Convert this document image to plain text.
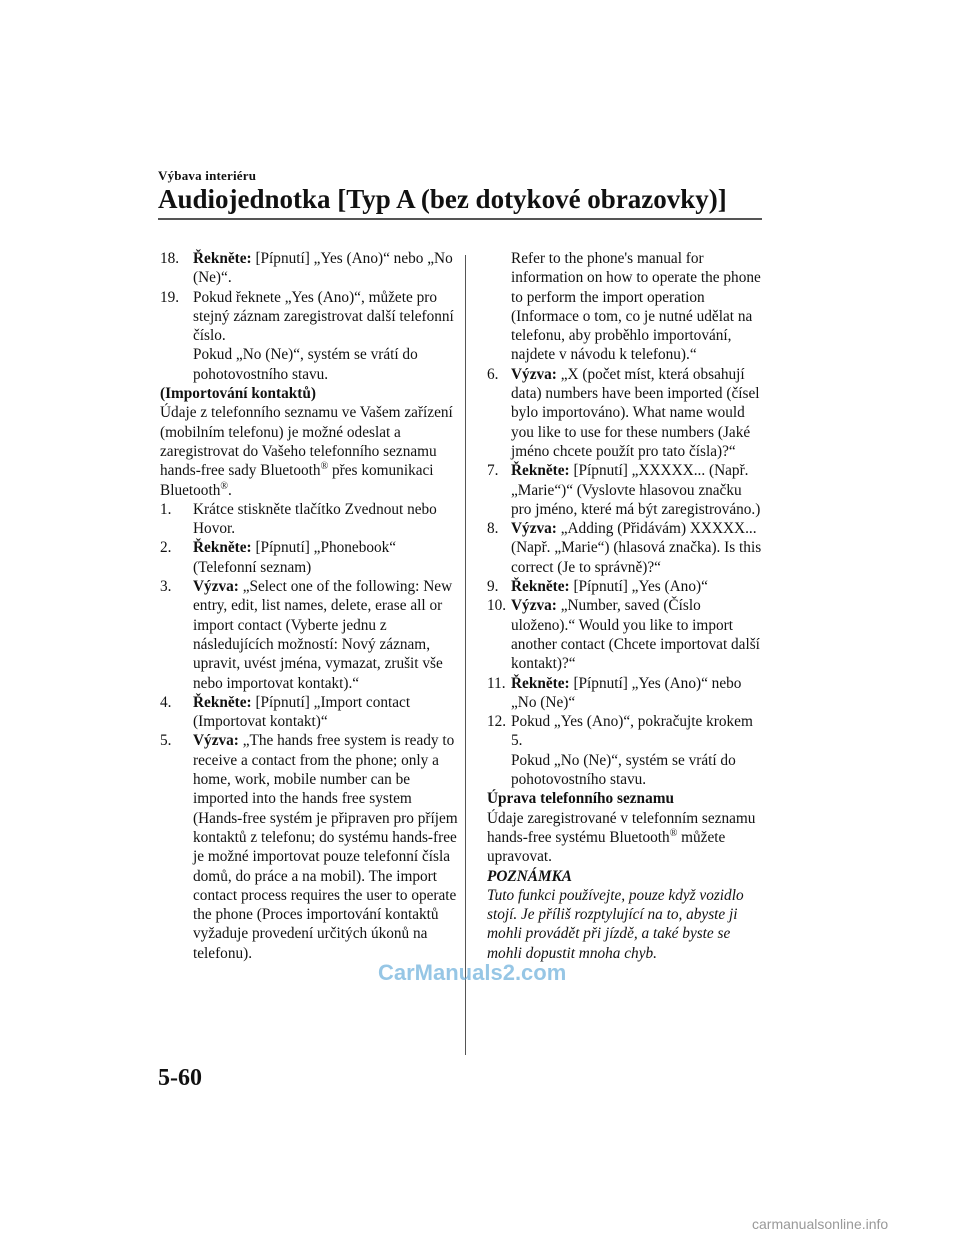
Výbava interiéru
Audiojednotka [Typ A (bez dotykové obrazovky)]
18. Řekněte: [Pípnutí] „Yes (Ano)“ nebo „No (Ne)“.
19. Pokud řeknete „Yes (Ano)“, můžete pro stejný záznam zaregistrovat další telefonní číslo.

Pokud „No (Ne)“, systém se vrátí do pohotovostního stavu.

(Importování kontaktů)

Údaje z telefonního seznamu ve Vašem zařízení (mobilním telefonu) je možné odeslat a zaregistrovat do Vašeho telefonního seznamu hands-free sady Bluetooth® přes komunikaci Bluetooth®.

1. Krátce stiskněte tlačítko Zvednout nebo Hovor.
2. Řekněte: [Pípnutí] „Phonebook“ (Telefonní seznam)
3. Výzva: „Select one of the following: New entry, edit, list names, delete, erase all or import contact (Vyberte jednu z následujících možností: Nový záznam, upravit, uvést jména, vymazat, zrušit vše nebo importovat kontakt).“
4. Řekněte: [Pípnutí] „Import contact (Importovat kontakt)“
5. Výzva: „The hands free system is ready to receive a contact from the phone; only a home, work, mobile number can be imported into the hands free system (Hands-free systém je připraven pro příjem kontaktů z telefonu; do systému hands-free je možné importovat pouze telefonní čísla domů, do práce a na mobil). The import contact process requires the user to operate the phone (Proces importování kontaktů vyžaduje provedení určitých úkonů na telefonu).

Refer to the phone's manual for information on how to operate the phone to perform the import operation (Informace o tom, co je nutné udělat na telefonu, aby proběhlo importování, najdete v návodu k telefonu).“

6. Výzva: „X (počet míst, která obsahují data) numbers have been imported (čísel bylo importováno). What name would you like to use for these numbers (Jaké jméno chcete použít pro tato čísla)?“
7. Řekněte: [Pípnutí] „XXXXX... (Např. „Marie“)“ (Vyslovte hlasovou značku pro jméno, které má být zaregistrováno.)
8. Výzva: „Adding (Přidávám) XXXXX... (Např. „Marie“) (hlasová značka). Is this correct (Je to správně)?“
9. Řekněte: [Pípnutí] „Yes (Ano)“
10. Výzva: „Number, saved (Číslo uloženo).“ Would you like to import another contact (Chcete importovat další kontakt)?“
11. Řekněte: [Pípnutí] „Yes (Ano)“ nebo „No (Ne)“
12. Pokud „Yes (Ano)“, pokračujte krokem 5.

Pokud „No (Ne)“, systém se vrátí do pohotovostního stavu.

Úprava telefonního seznamu

Údaje zaregistrované v telefonním seznamu hands-free systému Bluetooth® můžete upravovat.

POZNÁMKA

Tuto funkci používejte, pouze když vozidlo stojí. Je příliš rozptylující na to, abyste ji mohli provádět při jízdě, a také byste se mohli dopustit mnoha chyb.

CarManuals2.com
5-60
carmanualsonline.info
